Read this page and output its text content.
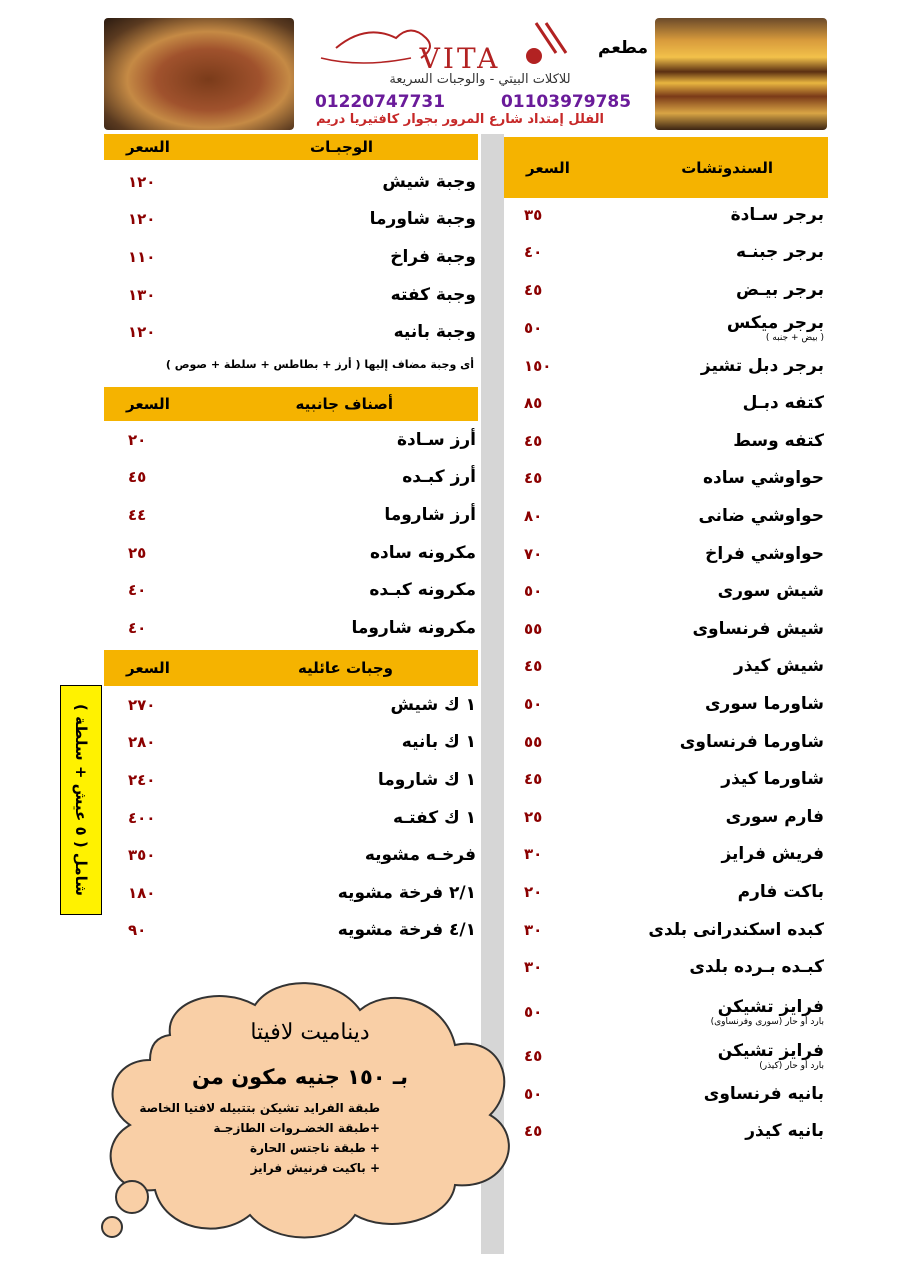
مطعم
VITA
للاكلات البيتي - والوجبات السريعة
01220747731	01103979785
الفلل إمتداد شارع المرور بجوار كافتيريا دريم
السندوتشات
السعر
برجر سـادة
٣٥
برجر جبنـه
٤٠
برجر بيـض
٤٥
برجر ميكس
( بيض + جنبه )
٥٠
برجر دبل تشيز
١٥٠
كتفه دبـل
٨٥
كتفه وسط
٤٥
حواوشي ساده
٤٥
حواوشي ضانى
٨٠
حواوشي فراخ
٧٠
شيش سورى
٥٠
شيش فرنساوى
٥٥
شيش كيذر
٤٥
شاورما سورى
٥٠
شاورما فرنساوى
٥٥
شاورما كيذر
٤٥
فارم سورى
٢٥
فريش فرايز
٣٠
باكت فارم
٢٠
كبده اسكندرانى بلدى
٣٠
كبـده بـرده بلدى
٣٠
فرايز تشيكن
بارد أو حار (سورى وفرنساوى)
٥٠
فرايز تشيكن
بارد أو حار (كيذر)
٤٥
بانيه فرنساوى
٥٠
بانيه كيذر
٤٥
الوجبـات
السعر
وجبة شيش
١٢٠
وجبة شاورما
١٢٠
وجبة فراخ
١١٠
وجبة كفته
١٣٠
وجبة بانيه
١٢٠
أى وجبة مضاف إليها ( أرز + بطاطس + سلطة + صوص )
أصناف جانبيه
السعر
أرز سـادة
٢٠
أرز كبـده
٤٥
أرز شاروما
٤٤
مكرونه ساده
٢٥
مكرونه كبـده
٤٠
مكرونه شاروما
٤٠
وجبات عائليه
السعر
١ ك شيش
٢٧٠
١ ك بانيه
٢٨٠
١ ك شاروما
٢٤٠
١ ك كفتـه
٤٠٠
فرخـه مشويه
٣٥٠
٢/١ فرخة مشويه
١٨٠
٤/١ فرخة مشويه
٩٠
شامل ( ٥ عيش + سلطة )
ديناميت لافيتا
بـ ١٥٠ جنيه مكون من
طبقة الفرايد تشيكن بتتبيله لافتيا الخاصة
+طبقة الخضـروات الطازجـة
+ طبقة ناجتس الحارة
+ باكيت فرنيش فرايز
